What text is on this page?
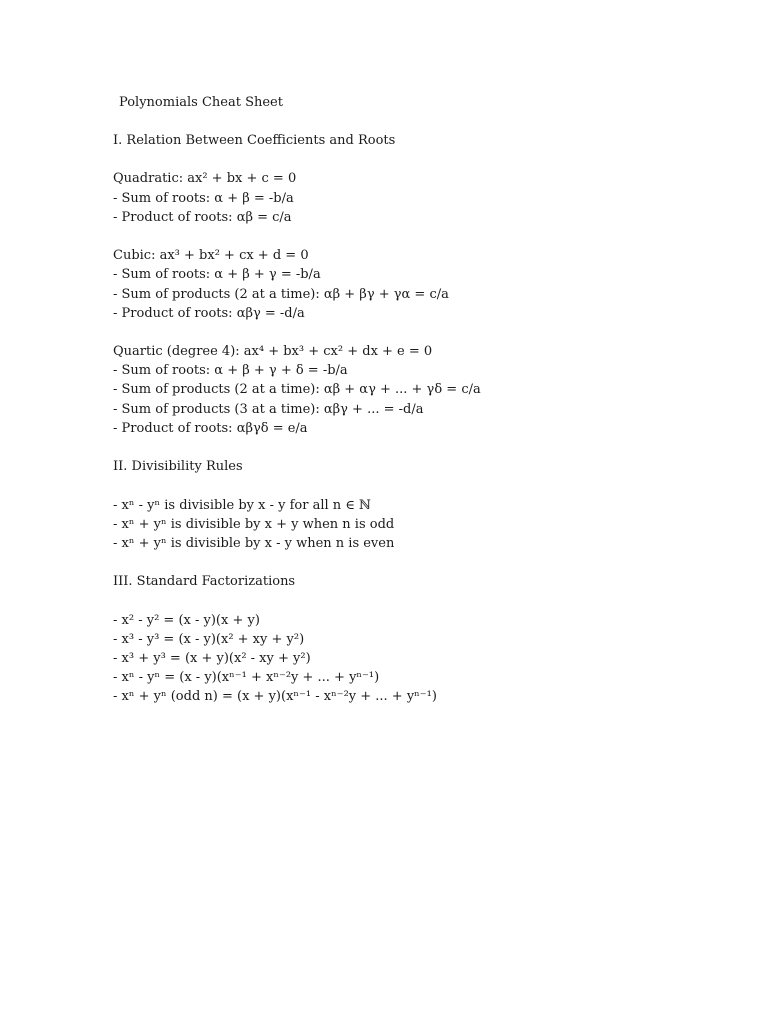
Polynomials Cheat Sheet
I. Relation Between Coefficients and Roots
Quadratic: ax² + bx + c = 0
- Sum of roots: α + β = -b/a
- Product of roots: αβ = c/a
Cubic: ax³ + bx² + cx + d = 0
- Sum of roots: α + β + γ = -b/a
- Sum of products (2 at a time): αβ + βγ + γα = c/a
- Product of roots: αβγ = -d/a
Quartic (degree 4): ax⁴ + bx³ + cx² + dx + e = 0
- Sum of roots: α + β + γ + δ = -b/a
- Sum of products (2 at a time): αβ + αγ + ... + γδ = c/a
- Sum of products (3 at a time): αβγ + ... = -d/a
- Product of roots: αβγδ = e/a
II. Divisibility Rules
- xⁿ - yⁿ is divisible by x - y for all n ∈ ℕ
- xⁿ + yⁿ is divisible by x + y when n is odd
- xⁿ + yⁿ is divisible by x - y when n is even
III. Standard Factorizations
- x² - y² = (x - y)(x + y)
- x³ - y³ = (x - y)(x² + xy + y²)
- x³ + y³ = (x + y)(x² - xy + y²)
- xⁿ - yⁿ = (x - y)(xⁿ⁻¹ + xⁿ⁻²y + ... + yⁿ⁻¹)
- xⁿ + yⁿ (odd n) = (x + y)(xⁿ⁻¹ - xⁿ⁻²y + ... + yⁿ⁻¹)
